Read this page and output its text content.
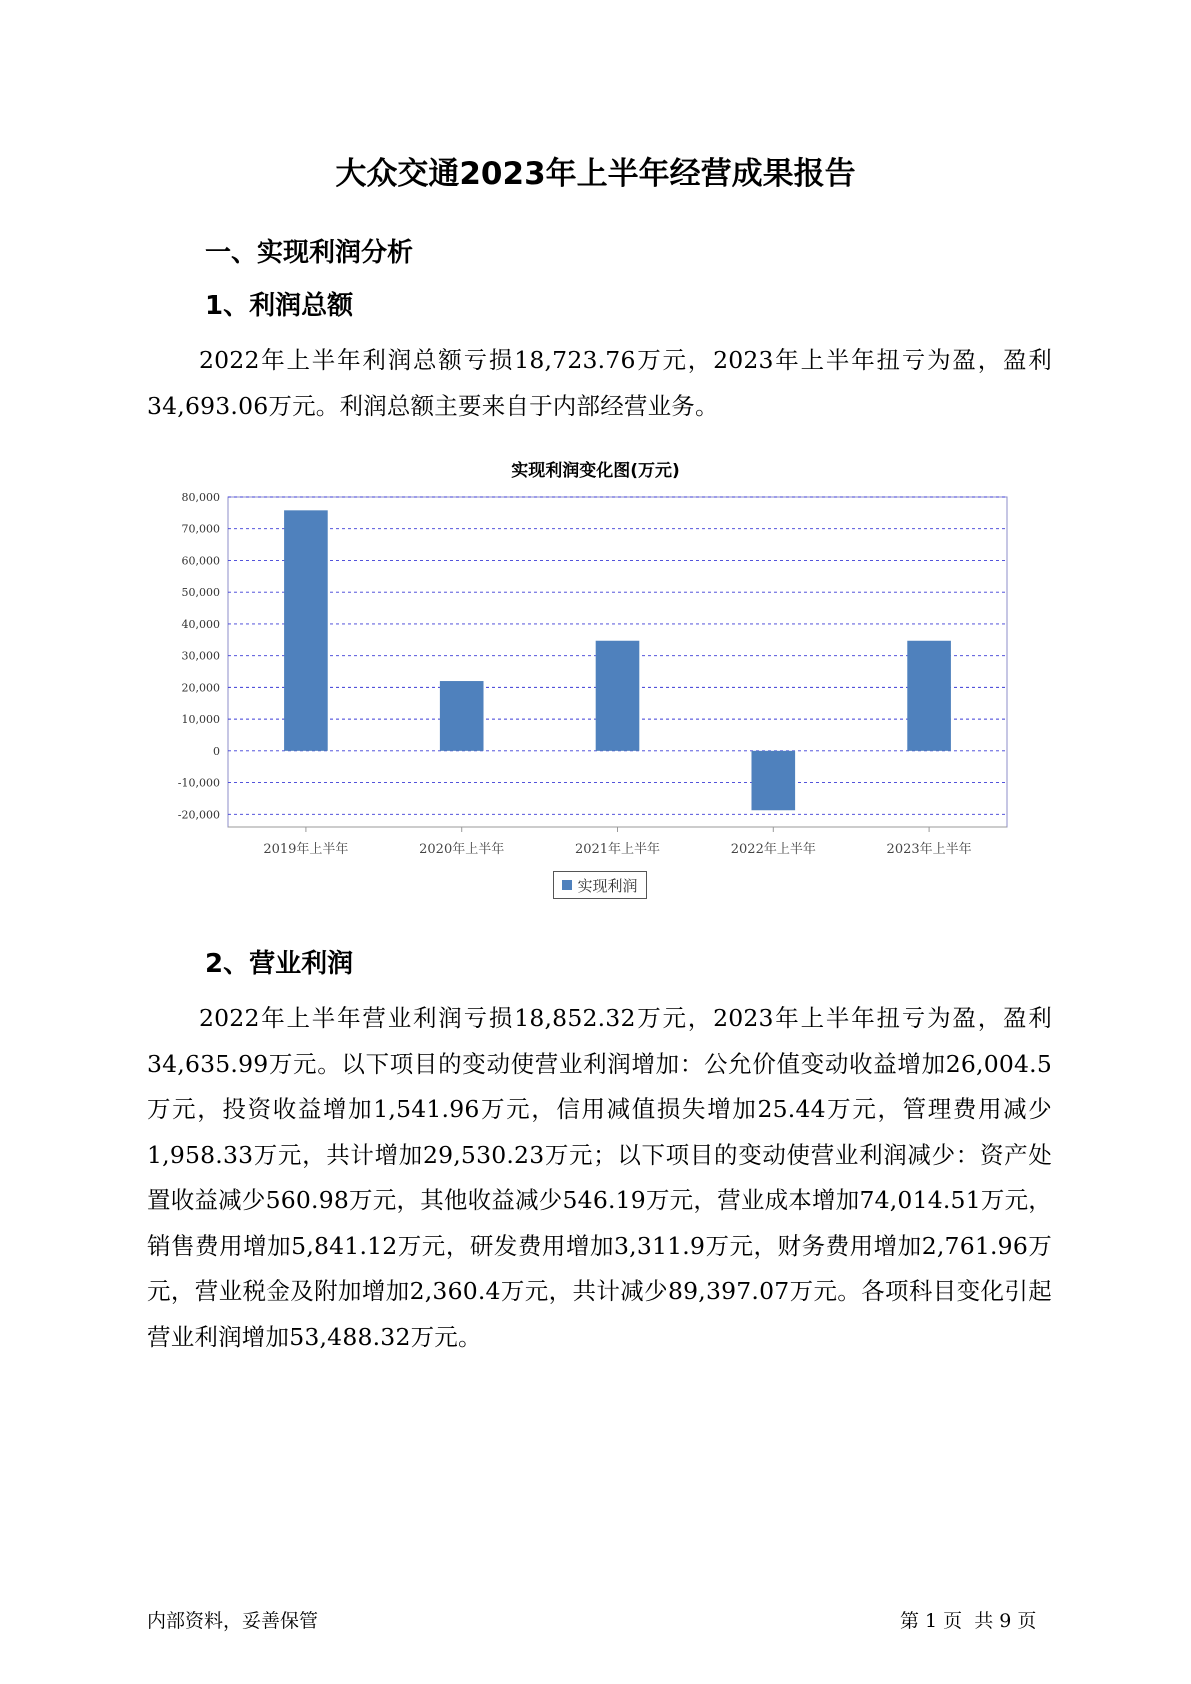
大众交通2023年上半年经营成果报告
一、实现利润分析
1、利润总额
2022年上半年利润总额亏损18,723.76万元，2023年上半年扭亏为盈，盈利34,693.06万元。利润总额主要来自于内部经营业务。
实现利润变化图(万元)
80,000
70,000
60,000
50,000
40,000
30,000
20,000
10,000
0
-10,000
-20,000
2019年上半年	2020年上半年	2021年上半年	2022年上半年	2023年上半年
实现利润
2、营业利润
2022年上半年营业利润亏损18,852.32万元，2023年上半年扭亏为盈，盈利34,635.99万元。以下项目的变动使营业利润增加：公允价值变动收益增加26,004.5万元，投资收益增加1,541.96万元，信用减值损失增加25.44万元，管理费用减少1,958.33万元，共计增加29,530.23万元；以下项目的变动使营业利润减少：资产处置收益减少560.98万元，其他收益减少546.19万元，营业成本增加74,014.51万元，销售费用增加5,841.12万元，研发费用增加3,311.9万元，财务费用增加2,761.96万元，营业税金及附加增加2,360.4万元，共计减少89,397.07万元。各项科目变化引起营业利润增加53,488.32万元。
内部资料，妥善保管	第 1 页  共 9 页
